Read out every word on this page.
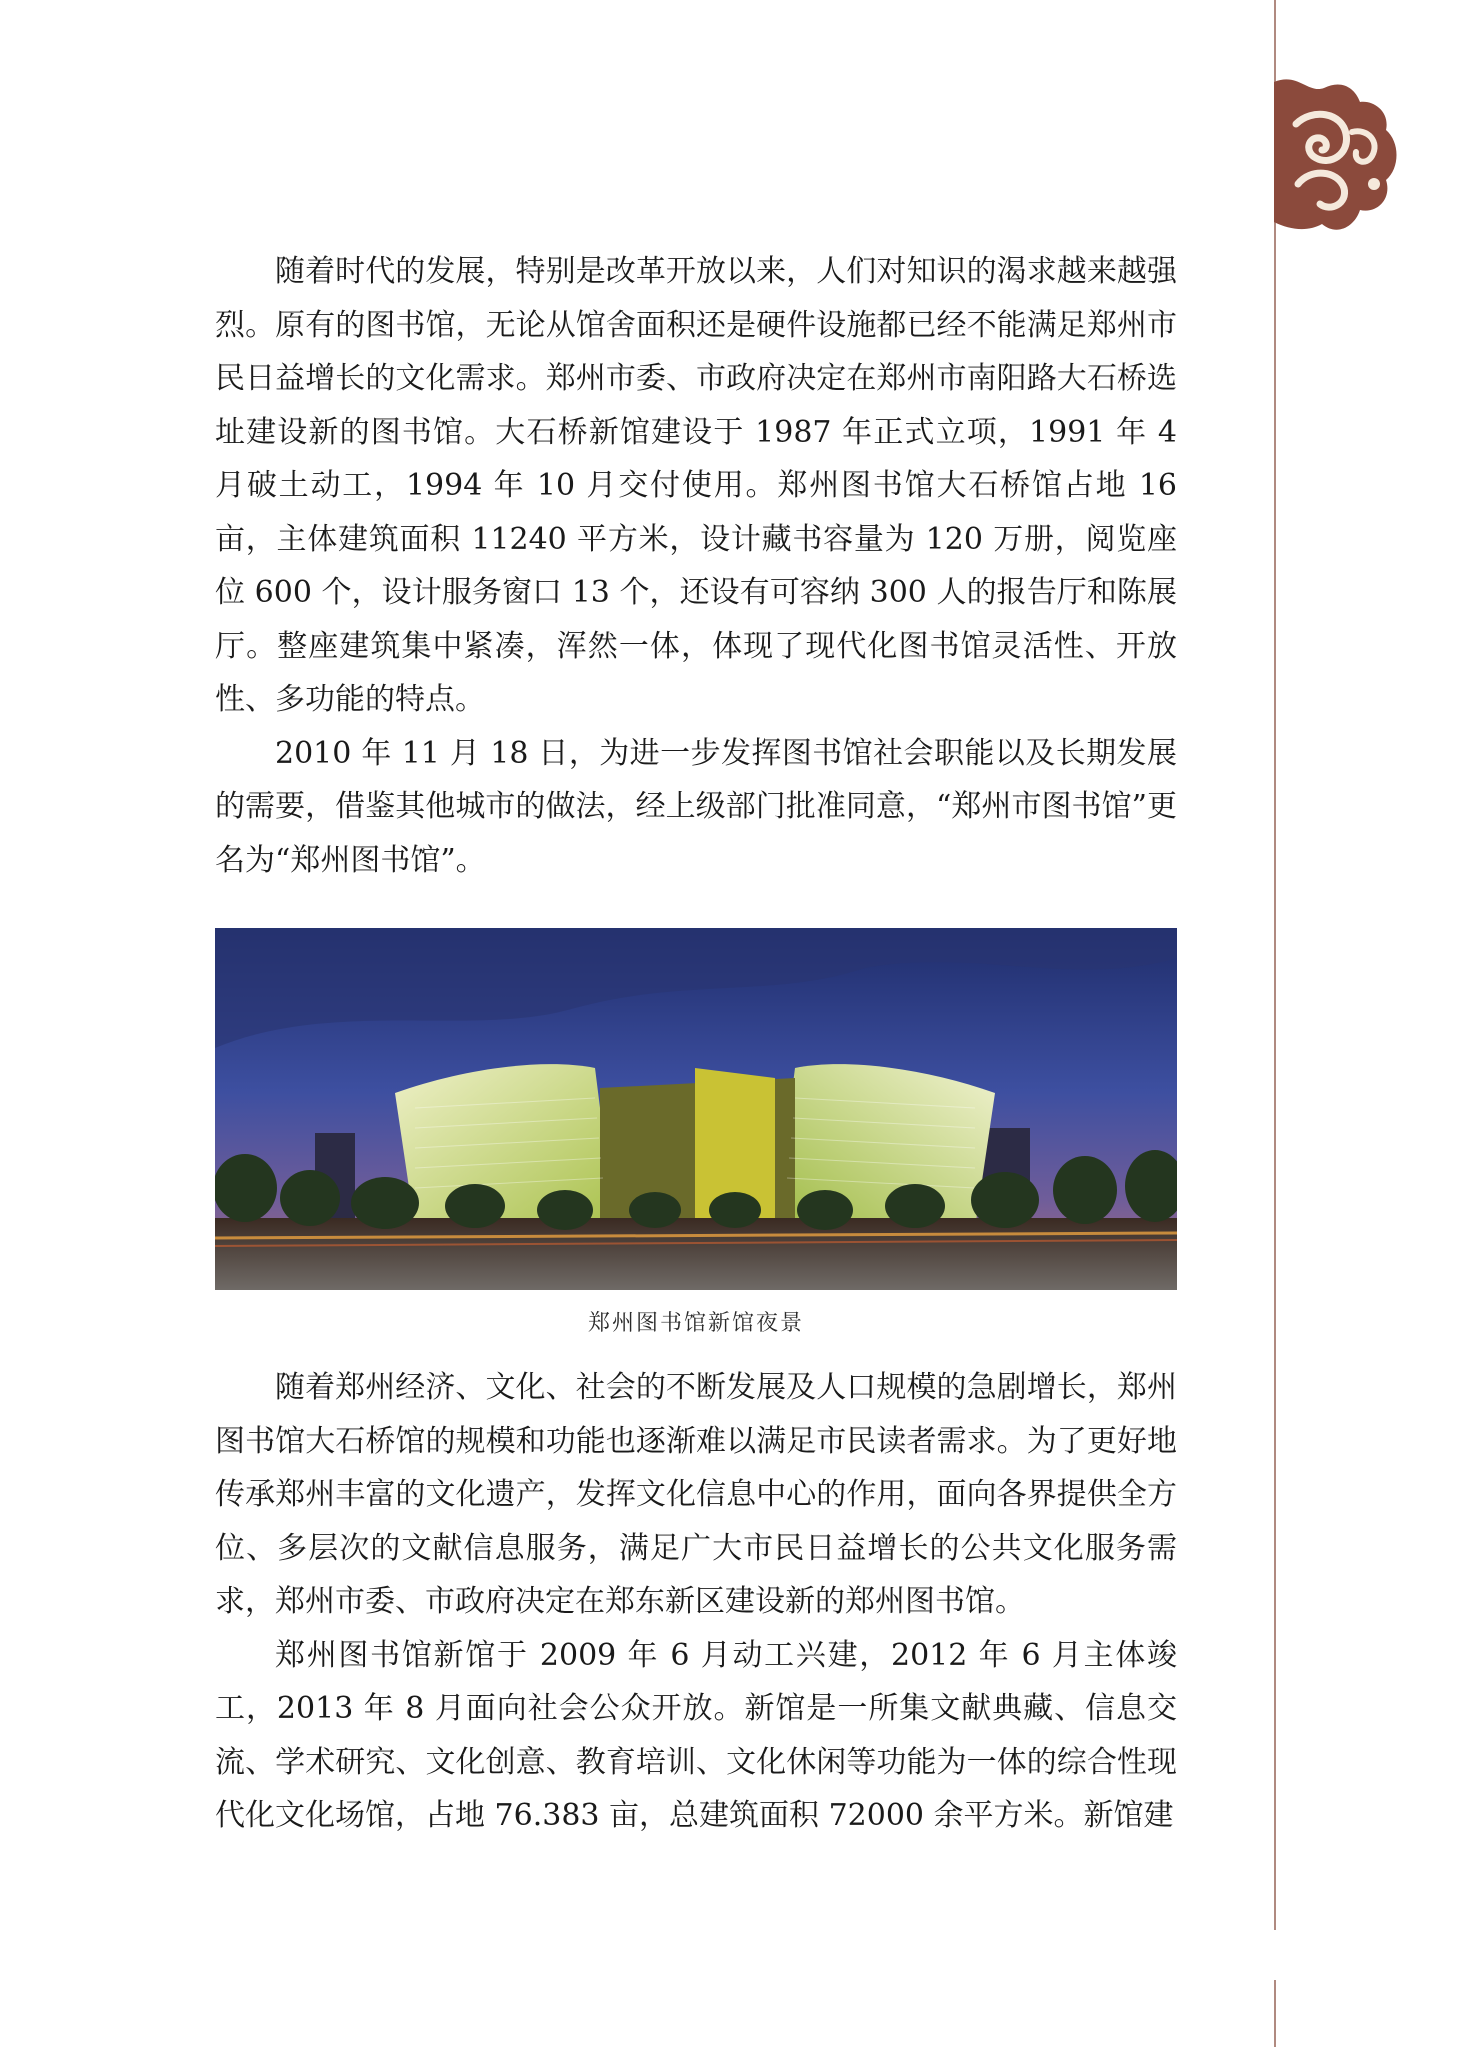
随着时代的发展，特别是改革开放以来，人们对知识的渴求越来越强烈。原有的图书馆，无论从馆舍面积还是硬件设施都已经不能满足郑州市民日益增长的文化需求。郑州市委、市政府决定在郑州市南阳路大石桥选址建设新的图书馆。大石桥新馆建设于 1987 年正式立项，1991 年 4 月破土动工，1994 年 10 月交付使用。郑州图书馆大石桥馆占地 16 亩，主体建筑面积 11240 平方米，设计藏书容量为 120 万册，阅览座位 600 个，设计服务窗口 13 个，还设有可容纳 300 人的报告厅和陈展厅。整座建筑集中紧凑，浑然一体，体现了现代化图书馆灵活性、开放性、多功能的特点。

2010 年 11 月 18 日，为进一步发挥图书馆社会职能以及长期发展的需要，借鉴其他城市的做法，经上级部门批准同意，“郑州市图书馆”更名为“郑州图书馆”。

郑州图书馆新馆夜景

随着郑州经济、文化、社会的不断发展及人口规模的急剧增长，郑州图书馆大石桥馆的规模和功能也逐渐难以满足市民读者需求。为了更好地传承郑州丰富的文化遗产，发挥文化信息中心的作用，面向各界提供全方位、多层次的文献信息服务，满足广大市民日益增长的公共文化服务需求，郑州市委、市政府决定在郑东新区建设新的郑州图书馆。

郑州图书馆新馆于 2009 年 6 月动工兴建，2012 年 6 月主体竣工，2013 年 8 月面向社会公众开放。新馆是一所集文献典藏、信息交流、学术研究、文化创意、教育培训、文化休闲等功能为一体的综合性现代化文化场馆，占地 76.383 亩，总建筑面积 72000 余平方米。新馆建
